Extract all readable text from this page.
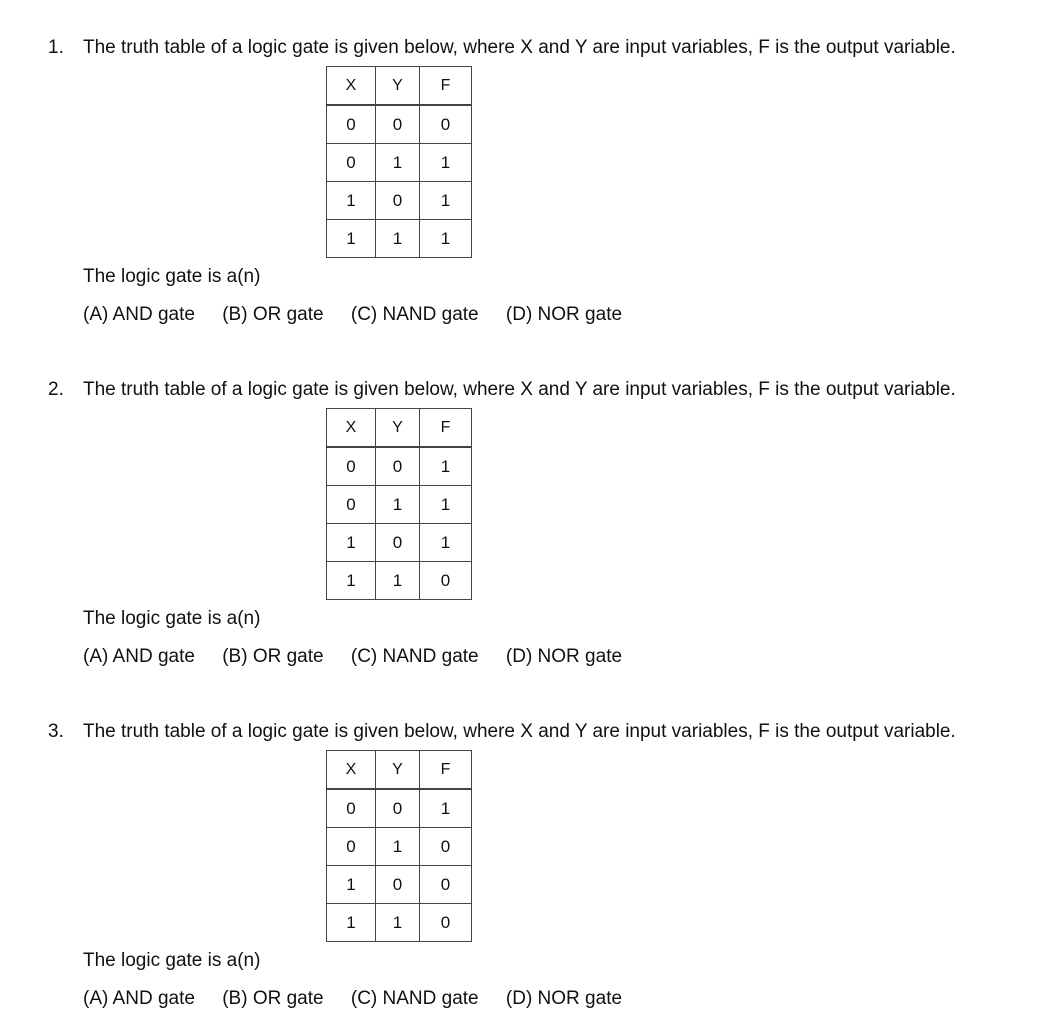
1. The truth table of a logic gate is given below, where X and Y are input variables, F is the output variable.
X	Y	F
0	0	0
0	1	1
1	0	1
1	1	1
The logic gate is a(n)
(A) AND gate (B) OR gate (C) NAND gate (D) NOR gate
2. The truth table of a logic gate is given below, where X and Y are input variables, F is the output variable.
X	Y	F
0	0	1
0	1	1
1	0	1
1	1	0
The logic gate is a(n)
(A) AND gate (B) OR gate (C) NAND gate (D) NOR gate
3. The truth table of a logic gate is given below, where X and Y are input variables, F is the output variable.
X	Y	F
0	0	1
0	1	0
1	0	0
1	1	0
The logic gate is a(n)
(A) AND gate (B) OR gate (C) NAND gate (D) NOR gate
